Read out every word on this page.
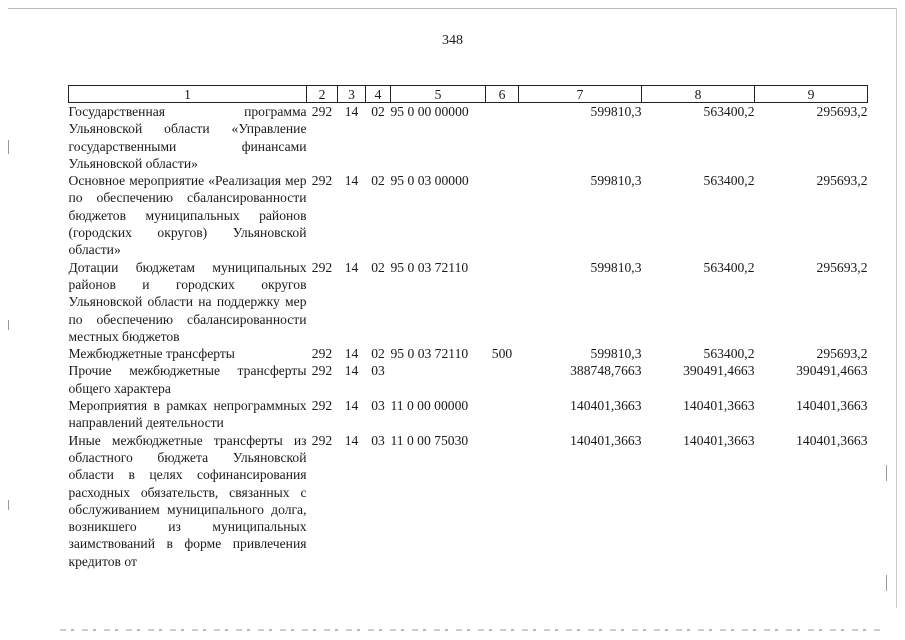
348
1	2	3	4	5	6	7	8	9
Государственная программа Ульяновской области «Управление государственными финансами Ульяновской области»	292	14	02	95 0 00 00000		599810,3	563400,2	295693,2
Основное мероприятие «Реализация мер по обеспечению сбалансированности бюджетов муниципальных районов (городских округов) Ульяновской области»	292	14	02	95 0 03 00000		599810,3	563400,2	295693,2
Дотации бюджетам муниципальных районов и городских округов Ульяновской области на поддержку мер по обеспечению сбалансированности местных бюджетов	292	14	02	95 0 03 72110		599810,3	563400,2	295693,2
Межбюджетные трансферты	292	14	02	95 0 03 72110	500	599810,3	563400,2	295693,2
Прочие межбюджетные трансферты общего характера	292	14	03			388748,7663	390491,4663	390491,4663
Мероприятия в рамках непрограммных направлений деятельности	292	14	03	11 0 00 00000		140401,3663	140401,3663	140401,3663
Иные межбюджетные трансферты из областного бюджета Ульяновской области в целях софинансирования расходных обязательств, связанных с обслуживанием муниципального долга, возникшего из муниципальных заимствований в форме привлечения кредитов от	292	14	03	11 0 00 75030		140401,3663	140401,3663	140401,3663
